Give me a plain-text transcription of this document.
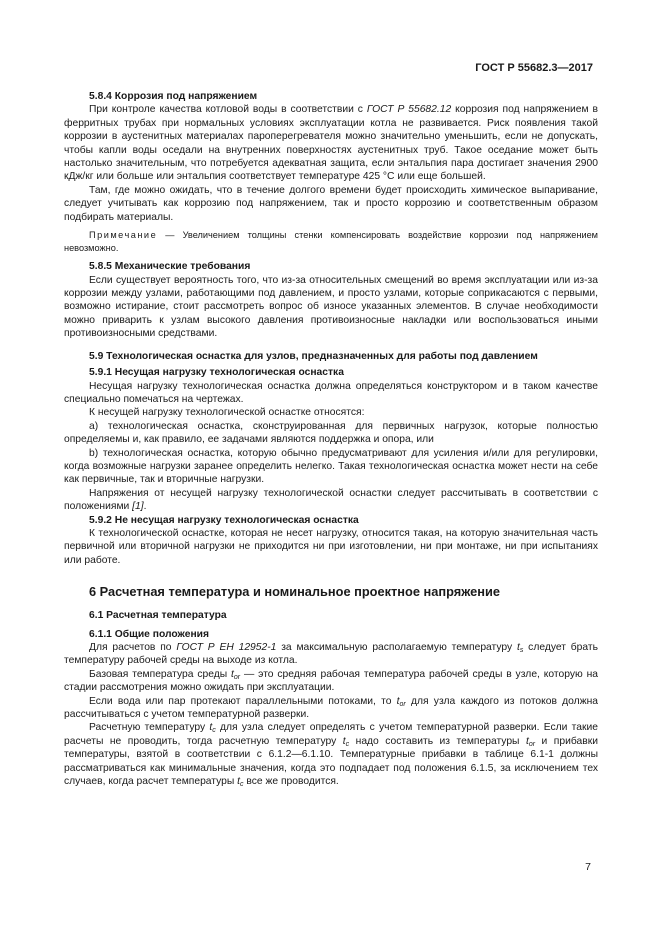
ГОСТ Р 55682.3—2017

5.8.4 Коррозия под напряжением

При контроле качества котловой воды в соответствии с ГОСТ Р 55682.12 коррозия под напряжением в ферритных трубах при нормальных условиях эксплуатации котла не развивается. Риск появления такой коррозии в аустенитных материалах пароперегревателя можно значительно уменьшить, если не допускать, чтобы капли воды оседали на внутренних поверхностях аустенитных труб. Такое оседание может быть настолько значительным, что потребуется адекватная защита, если энтальпия пара достигает значения 2900 кДж/кг или больше или энтальпия соответствует температуре 425 °С или еще большей.

Там, где можно ожидать, что в течение долгого времени будет происходить химическое выпаривание, следует учитывать как коррозию под напряжением, так и просто коррозию и соответственным образом подбирать материалы.

Примечание — Увеличением толщины стенки компенсировать воздействие коррозии под напряжением невозможно.

5.8.5 Механические требования

Если существует вероятность того, что из-за относительных смещений во время эксплуатации или из-за коррозии между узлами, работающими под давлением, и просто узлами, которые соприкасаются с первыми, возможно истирание, стоит рассмотреть вопрос об износе указанных элементов. В случае необходимости можно приварить к узлам высокого давления противоизносные накладки или воспользоваться иными противоизносными средствами.

5.9 Технологическая оснастка для узлов, предназначенных для работы под давлением

5.9.1 Несущая нагрузку технологическая оснастка

Несущая нагрузку технологическая оснастка должна определяться конструктором и в таком качестве специально помечаться на чертежах.

К несущей нагрузку технологической оснастке относятся:

a) технологическая оснастка, сконструированная для первичных нагрузок, которые полностью определяемы и, как правило, ее задачами являются поддержка и опора, или

b) технологическая оснастка, которую обычно предусматривают для усиления и/или для регулировки, когда возможные нагрузки заранее определить нелегко. Такая технологическая оснастка может нести на себе как первичные, так и вторичные нагрузки.

Напряжения от несущей нагрузку технологической оснастки следует рассчитывать в соответствии с положениями [1].

5.9.2 Не несущая нагрузку технологическая оснастка

К технологической оснастке, которая не несет нагрузку, относится такая, на которую значительная часть первичной или вторичной нагрузки не приходится ни при изготовлении, ни при монтаже, ни при испытаниях или работе.

6 Расчетная температура и номинальное проектное напряжение

6.1 Расчетная температура

6.1.1 Общие положения

Для расчетов по ГОСТ Р ЕН 12952-1 за максимальную располагаемую температуру $t_s$ следует брать температуру рабочей среды на выходе из котла.

Базовая температура среды $t_{or}$ — это средняя рабочая температура рабочей среды в узле, которую на стадии рассмотрения можно ожидать при эксплуатации.

Если вода или пар протекают параллельными потоками, то $t_{or}$ для узла каждого из потоков должна рассчитываться с учетом температурной разверки.

Расчетную температуру $t_c$ для узла следует определять с учетом температурной разверки. Если такие расчеты не проводить, тогда расчетную температуру $t_c$ надо составить из температуры $t_{or}$ и прибавки температуры, взятой в соответствии с 6.1.2—6.1.10. Температурные прибавки в таблице 6.1-1 должны рассматриваться как минимальные значения, когда это подпадает под положения 6.1.5, за исключением тех случаев, когда расчет температуры $t_c$ все же проводится.

7
